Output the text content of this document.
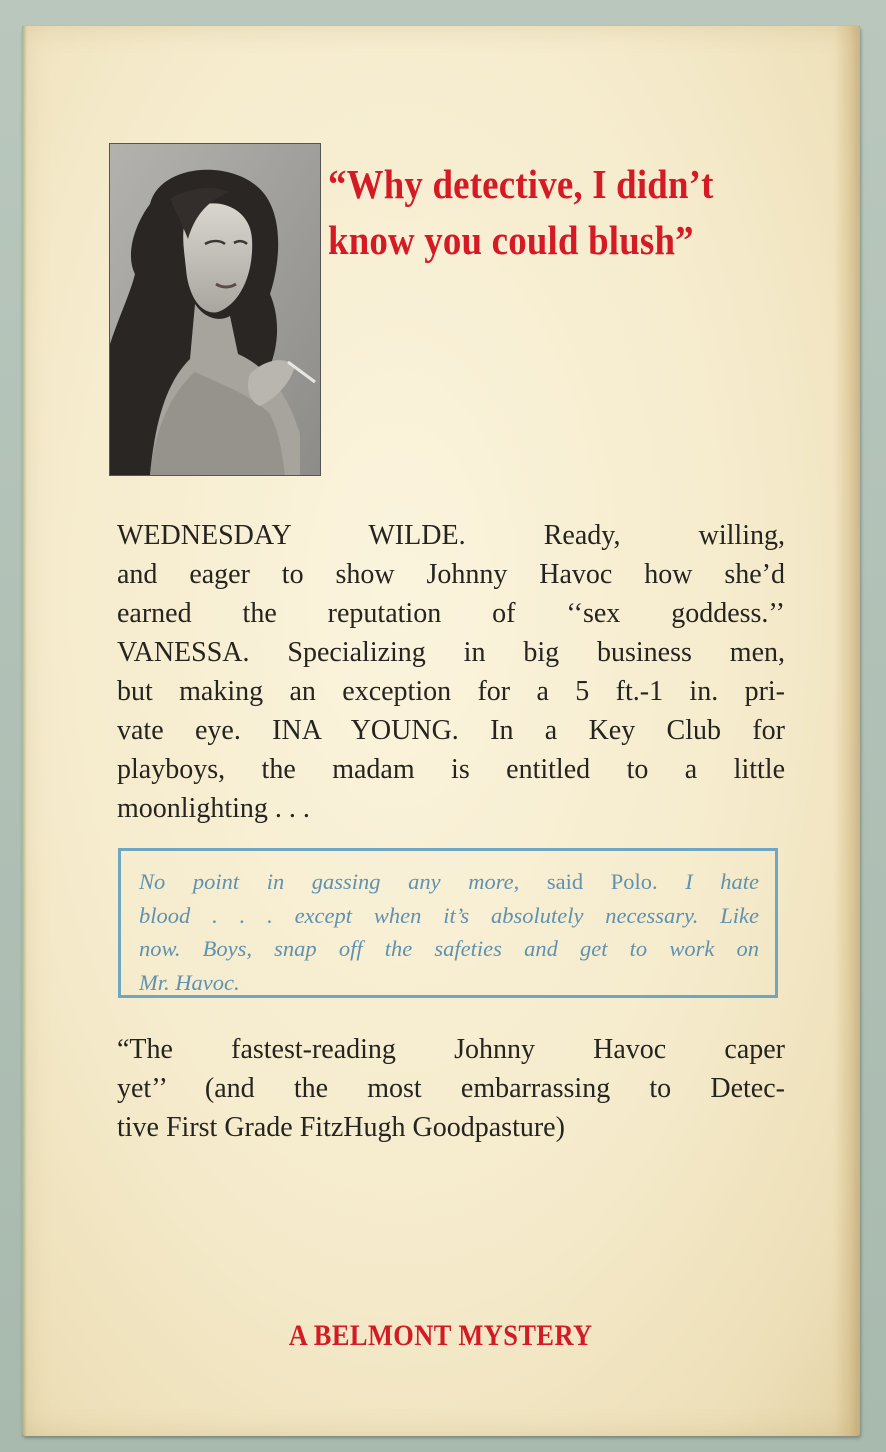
“Why detective, I didn’t
know you could blush”
WEDNESDAY WILDE. Ready, willing,
and eager to show Johnny Havoc how she’d
earned the reputation of ‘‘sex goddess.’’
VANESSA. Specializing in big business men,
but making an exception for a 5 ft.-1 in. pri-
vate eye. INA YOUNG. In a Key Club for
playboys, the madam is entitled to a little
moonlighting . . .
No point in gassing any more, said Polo. I hate
blood . . . except when it’s absolutely necessary. Like
now. Boys, snap off the safeties and get to work on
Mr. Havoc.
“The fastest-reading Johnny Havoc caper
yet’’ (and the most embarrassing to Detec-
tive First Grade FitzHugh Goodpasture)
A BELMONT MYSTERY
